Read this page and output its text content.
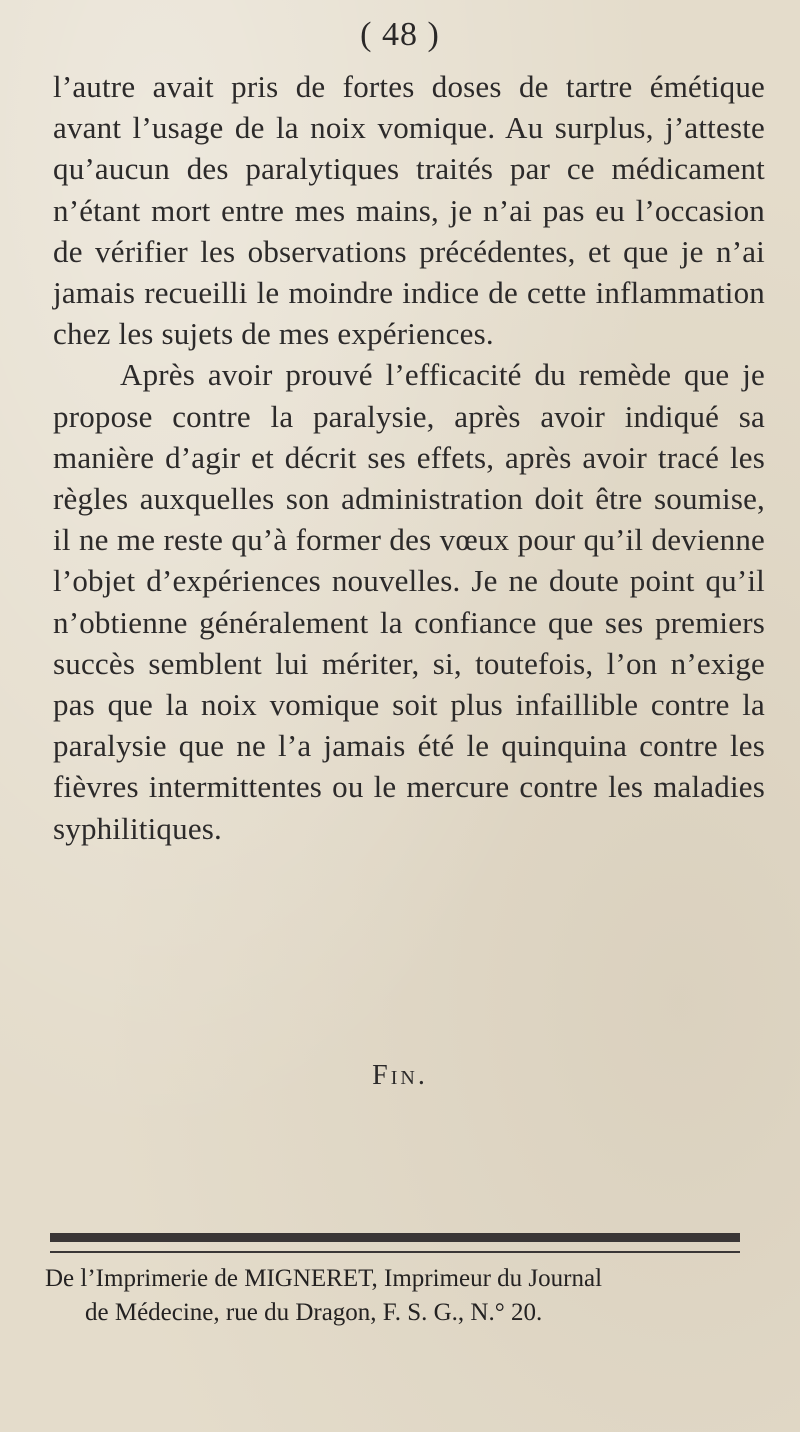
( 48 )

l’autre avait pris de fortes doses de tartre émétique avant l’usage de la noix vomique. Au surplus, j’atteste qu’aucun des paralytiques traités par ce médicament n’étant mort entre mes mains, je n’ai pas eu l’occasion de vérifier les observations précédentes, et que je n’ai jamais recueilli le moindre indice de cette inflammation chez les sujets de mes expériences.

Après avoir prouvé l’efficacité du remède que je propose contre la paralysie, après avoir indiqué sa manière d’agir et décrit ses effets, après avoir tracé les règles auxquelles son administration doit être soumise, il ne me reste qu’à former des vœux pour qu’il devienne l’objet d’expériences nouvelles. Je ne doute point qu’il n’obtienne généralement la confiance que ses premiers succès semblent lui mériter, si, toutefois, l’on n’exige pas que la noix vomique soit plus infaillible contre la paralysie que ne l’a jamais été le quinquina contre les fièvres intermittentes ou le mercure contre les maladies syphilitiques.

Fin.
De l’Imprimerie de MIGNERET, Imprimeur du Journal
de Médecine, rue du Dragon, F. S. G., N.° 20.
